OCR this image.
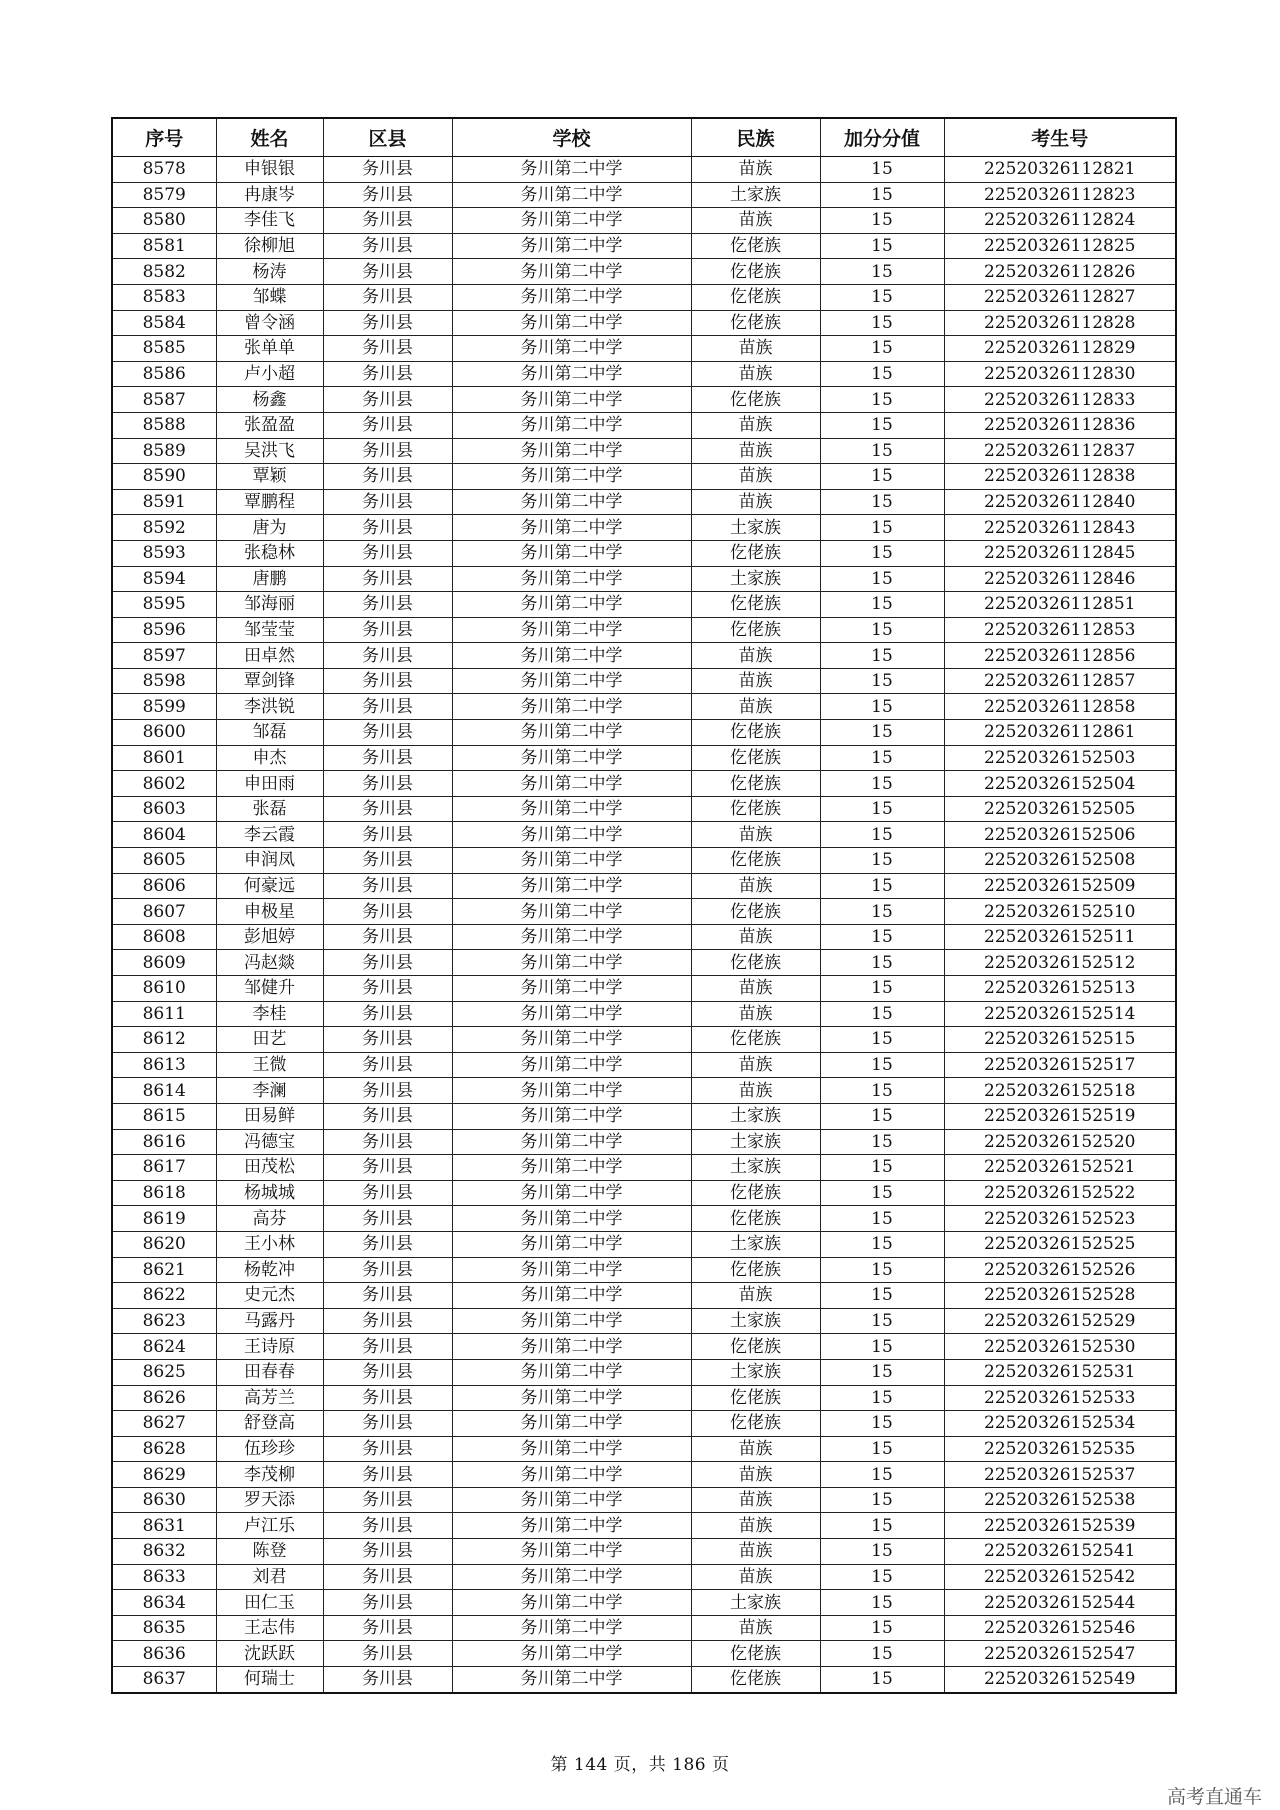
序号	姓名	区县	学校	民族	加分分值	考生号
8578	申银银	务川县	务川第二中学	苗族	15	22520326112821
8579	冉康岑	务川县	务川第二中学	土家族	15	22520326112823
8580	李佳飞	务川县	务川第二中学	苗族	15	22520326112824
8581	徐柳旭	务川县	务川第二中学	仡佬族	15	22520326112825
8582	杨涛	务川县	务川第二中学	仡佬族	15	22520326112826
8583	邹蝶	务川县	务川第二中学	仡佬族	15	22520326112827
8584	曾令涵	务川县	务川第二中学	仡佬族	15	22520326112828
8585	张单单	务川县	务川第二中学	苗族	15	22520326112829
8586	卢小超	务川县	务川第二中学	苗族	15	22520326112830
8587	杨鑫	务川县	务川第二中学	仡佬族	15	22520326112833
8588	张盈盈	务川县	务川第二中学	苗族	15	22520326112836
8589	吴洪飞	务川县	务川第二中学	苗族	15	22520326112837
8590	覃颖	务川县	务川第二中学	苗族	15	22520326112838
8591	覃鹏程	务川县	务川第二中学	苗族	15	22520326112840
8592	唐为	务川县	务川第二中学	土家族	15	22520326112843
8593	张稳林	务川县	务川第二中学	仡佬族	15	22520326112845
8594	唐鹏	务川县	务川第二中学	土家族	15	22520326112846
8595	邹海丽	务川县	务川第二中学	仡佬族	15	22520326112851
8596	邹莹莹	务川县	务川第二中学	仡佬族	15	22520326112853
8597	田卓然	务川县	务川第二中学	苗族	15	22520326112856
8598	覃剑锋	务川县	务川第二中学	苗族	15	22520326112857
8599	李洪锐	务川县	务川第二中学	苗族	15	22520326112858
8600	邹磊	务川县	务川第二中学	仡佬族	15	22520326112861
8601	申杰	务川县	务川第二中学	仡佬族	15	22520326152503
8602	申田雨	务川县	务川第二中学	仡佬族	15	22520326152504
8603	张磊	务川县	务川第二中学	仡佬族	15	22520326152505
8604	李云霞	务川县	务川第二中学	苗族	15	22520326152506
8605	申润凤	务川县	务川第二中学	仡佬族	15	22520326152508
8606	何豪远	务川县	务川第二中学	苗族	15	22520326152509
8607	申极星	务川县	务川第二中学	仡佬族	15	22520326152510
8608	彭旭婷	务川县	务川第二中学	苗族	15	22520326152511
8609	冯赵燚	务川县	务川第二中学	仡佬族	15	22520326152512
8610	邹健升	务川县	务川第二中学	苗族	15	22520326152513
8611	李桂	务川县	务川第二中学	苗族	15	22520326152514
8612	田艺	务川县	务川第二中学	仡佬族	15	22520326152515
8613	王微	务川县	务川第二中学	苗族	15	22520326152517
8614	李澜	务川县	务川第二中学	苗族	15	22520326152518
8615	田易鲜	务川县	务川第二中学	土家族	15	22520326152519
8616	冯德宝	务川县	务川第二中学	土家族	15	22520326152520
8617	田茂松	务川县	务川第二中学	土家族	15	22520326152521
8618	杨城城	务川县	务川第二中学	仡佬族	15	22520326152522
8619	高芬	务川县	务川第二中学	仡佬族	15	22520326152523
8620	王小林	务川县	务川第二中学	土家族	15	22520326152525
8621	杨乾冲	务川县	务川第二中学	仡佬族	15	22520326152526
8622	史元杰	务川县	务川第二中学	苗族	15	22520326152528
8623	马露丹	务川县	务川第二中学	土家族	15	22520326152529
8624	王诗原	务川县	务川第二中学	仡佬族	15	22520326152530
8625	田春春	务川县	务川第二中学	土家族	15	22520326152531
8626	高芳兰	务川县	务川第二中学	仡佬族	15	22520326152533
8627	舒登高	务川县	务川第二中学	仡佬族	15	22520326152534
8628	伍珍珍	务川县	务川第二中学	苗族	15	22520326152535
8629	李茂柳	务川县	务川第二中学	苗族	15	22520326152537
8630	罗天添	务川县	务川第二中学	苗族	15	22520326152538
8631	卢江乐	务川县	务川第二中学	苗族	15	22520326152539
8632	陈登	务川县	务川第二中学	苗族	15	22520326152541
8633	刘君	务川县	务川第二中学	苗族	15	22520326152542
8634	田仁玉	务川县	务川第二中学	土家族	15	22520326152544
8635	王志伟	务川县	务川第二中学	苗族	15	22520326152546
8636	沈跃跃	务川县	务川第二中学	仡佬族	15	22520326152547
8637	何瑞士	务川县	务川第二中学	仡佬族	15	22520326152549
第 144 页，共 186 页
高考直通车
